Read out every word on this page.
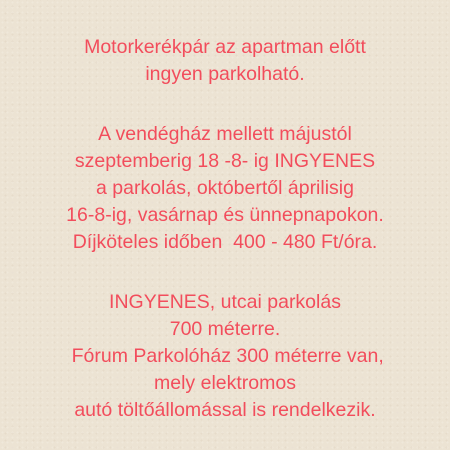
Motorkerékpár az apartman előtt

ingyen parkolható.

A vendégház mellett májustól

szeptemberig 18 -8- ig INGYENES

a parkolás, októbertől áprilisig

16-8-ig, vasárnap és ünnepnapokon.

Díjköteles időben  400 - 480 Ft/óra.

INGYENES, utcai parkolás

700 méterre.

Fórum Parkolóház 300 méterre van,

mely elektromos

autó töltőállomással is rendelkezik.
